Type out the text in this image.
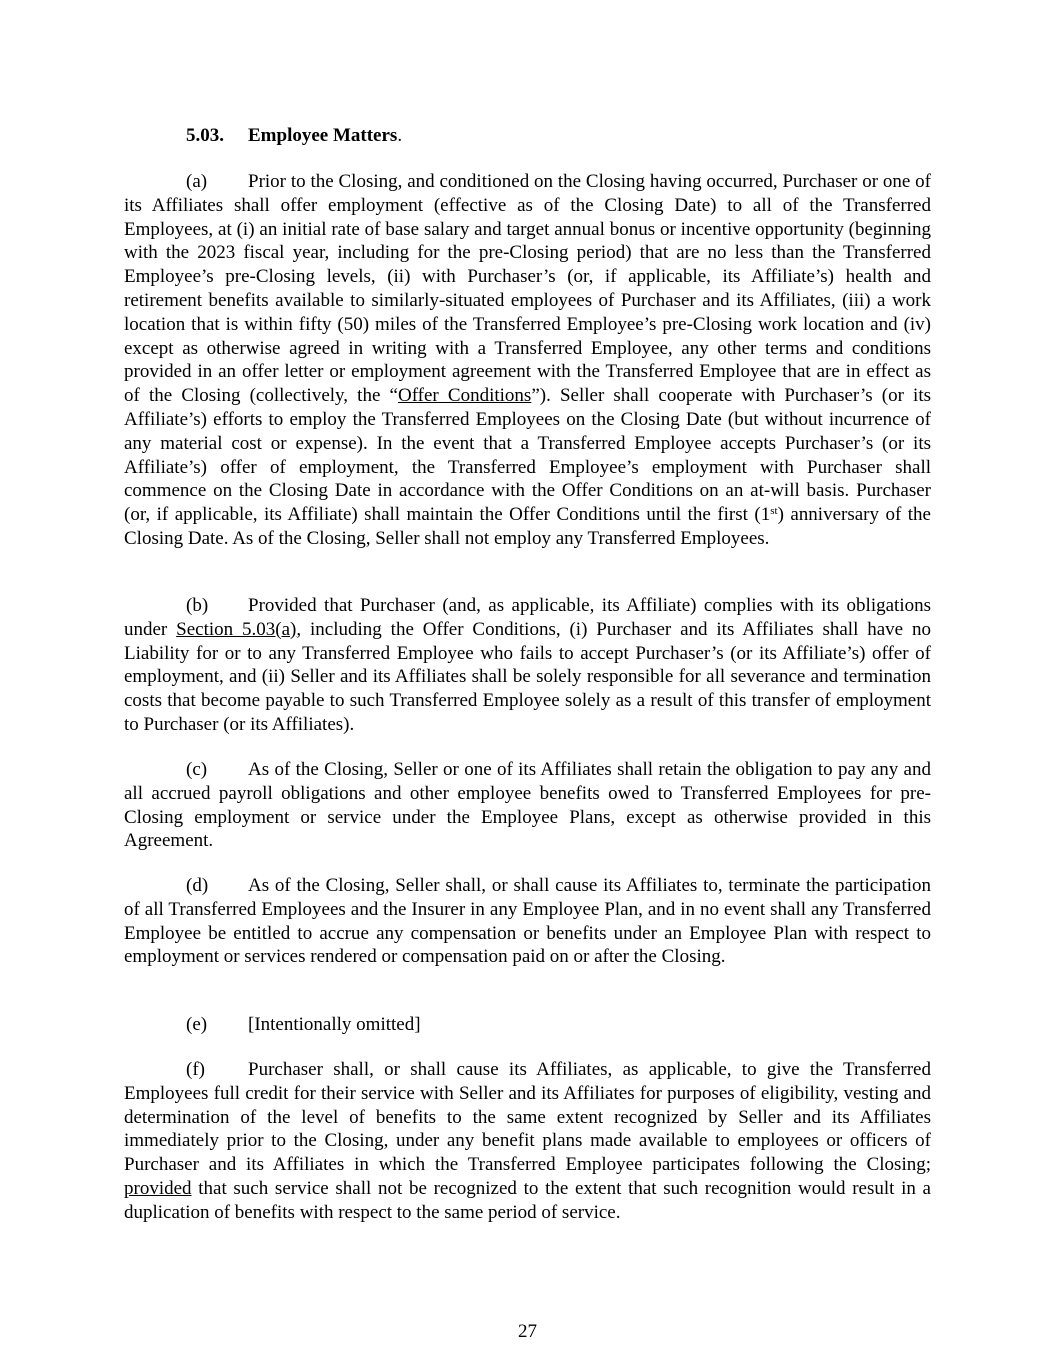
5.03. Employee Matters.

(a) Prior to the Closing, and conditioned on the Closing having occurred, Purchaser or one of its Affiliates shall offer employment (effective as of the Closing Date) to all of the Transferred Employees, at (i) an initial rate of base salary and target annual bonus or incentive opportunity (beginning with the 2023 fiscal year, including for the pre-Closing period) that are no less than the Transferred Employee’s pre-Closing levels, (ii) with Purchaser’s (or, if applicable, its Affiliate’s) health and retirement benefits available to similarly-situated employees of Purchaser and its Affiliates, (iii) a work location that is within fifty (50) miles of the Transferred Employee’s pre-Closing work location and (iv) except as otherwise agreed in writing with a Transferred Employee, any other terms and conditions provided in an offer letter or employment agreement with the Transferred Employee that are in effect as of the Closing (collectively, the “Offer Conditions”). Seller shall cooperate with Purchaser’s (or its Affiliate’s) efforts to employ the Transferred Employees on the Closing Date (but without incurrence of any material cost or expense). In the event that a Transferred Employee accepts Purchaser’s (or its Affiliate’s) offer of employment, the Transferred Employee’s employment with Purchaser shall commence on the Closing Date in accordance with the Offer Conditions on an at-will basis. Purchaser (or, if applicable, its Affiliate) shall maintain the Offer Conditions until the first (1st) anniversary of the Closing Date. As of the Closing, Seller shall not employ any Transferred Employees.

(b) Provided that Purchaser (and, as applicable, its Affiliate) complies with its obligations under Section 5.03(a), including the Offer Conditions, (i) Purchaser and its Affiliates shall have no Liability for or to any Transferred Employee who fails to accept Purchaser’s (or its Affiliate’s) offer of employment, and (ii) Seller and its Affiliates shall be solely responsible for all severance and termination costs that become payable to such Transferred Employee solely as a result of this transfer of employment to Purchaser (or its Affiliates).

(c) As of the Closing, Seller or one of its Affiliates shall retain the obligation to pay any and all accrued payroll obligations and other employee benefits owed to Transferred Employees for pre-Closing employment or service under the Employee Plans, except as otherwise provided in this Agreement.

(d) As of the Closing, Seller shall, or shall cause its Affiliates to, terminate the participation of all Transferred Employees and the Insurer in any Employee Plan, and in no event shall any Transferred Employee be entitled to accrue any compensation or benefits under an Employee Plan with respect to employment or services rendered or compensation paid on or after the Closing.

(e) [Intentionally omitted]

(f) Purchaser shall, or shall cause its Affiliates, as applicable, to give the Transferred Employees full credit for their service with Seller and its Affiliates for purposes of eligibility, vesting and determination of the level of benefits to the same extent recognized by Seller and its Affiliates immediately prior to the Closing, under any benefit plans made available to employees or officers of Purchaser and its Affiliates in which the Transferred Employee participates following the Closing; provided that such service shall not be recognized to the extent that such recognition would result in a duplication of benefits with respect to the same period of service.

27
